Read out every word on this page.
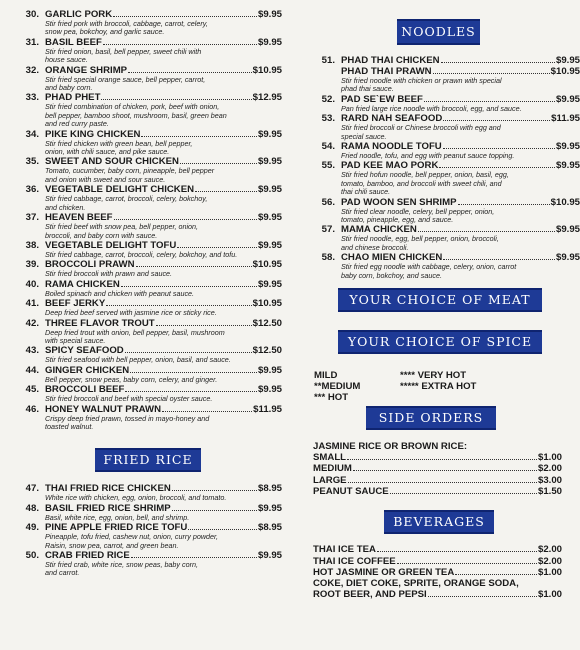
30. GARLIC PORK	$9.95
Stir fried pork with broccoli, cabbage, carrot, celery,
snow pea, bokchoy, and garlic sauce.
31. BASIL BEEF	$9.95
Stir fried onion, basil, bell pepper, sweet chili with
house sauce.
32. ORANGE SHRIMP	$10.95
Stir fried special orange sauce, bell pepper, carrot,
and baby corn.
33. PHAD PHET	$12.95
Stir fried combination of chicken, pork, beef with onion,
bell pepper, bamboo shoot, mushroom, basil, green bean
and red curry paste.
34. PIKE KING CHICKEN	$9.95
Stir fried chicken with green bean, bell pepper,
onion, with chili sauce, and pike sauce.
35. SWEET AND SOUR CHICKEN	$9.95
Tomato, cucumber, baby corn, pineapple, bell pepper
and onion with sweet and sour sauce.
36. VEGETABLE DELIGHT CHICKEN	$9.95
Stir fried cabbage, carrot, broccoli, celery, bokchoy,
and chicken.
37. HEAVEN BEEF	$9.95
Stir fried beef with snow pea, bell pepper, onion,
broccoli, and baby corn with sauce.
38. VEGETABLE DELIGHT TOFU	$9.95
Stir fried cabbage, carrot, broccoli, celery, bokchoy, and tofu.
39. BROCCOLI PRAWN	$10.95
Stir fried broccoli with prawn and sauce.
40. RAMA CHICKEN	$9.95
Boiled spinach and chicken with peanut sauce.
41. BEEF JERKY	$10.95
Deep fried beef served with jasmine rice or sticky rice.
42. THREE FLAVOR TROUT	$12.50
Deep fried trout with onion, bell pepper, basil, mushroom
with special sauce.
43. SPICY SEAFOOD	$12.50
Stir fried seafood with bell pepper, onion, basil, and sauce.
44. GINGER CHICKEN	$9.95
Bell pepper, snow peas, baby corn, celery, and ginger.
45. BROCCOLI BEEF	$9.95
Stir fried broccoli and beef with special oyster sauce.
46. HONEY WALNUT PRAWN	$11.95
Crispy deep fried prawn, tossed in mayo-honey and
toasted walnut.
FRIED RICE
47. THAI FRIED RICE CHICKEN	$8.95
White rice with chicken, egg, onion, broccoli, and tomato.
48. BASIL FRIED RICE SHRIMP	$9.95
Basil, white rice, egg, onion, bell, and shrimp.
49. PINE APPLE FRIED RICE TOFU	$8.95
Pineapple, tofu fried, cashew nut, onion, curry powder,
Raisin, snow pea, carrot, and green bean.
50. CRAB FRIED RICE	$9.95
Stir fried crab, white rice, snow peas, baby corn,
and carrot.
NOODLES
51. PHAD THAI CHICKEN	$9.95
PHAD THAI PRAWN	$10.95
Stir fried noodle with chicken or prawn with special
phad thai sauce.
52. PAD SE`EW BEEF	$9.95
Pan fried large rice noodle with broccoli, egg, and sauce.
53. RARD NAH SEAFOOD	$11.95
Stir fried broccoli or Chinese broccoli with egg and
special sauce.
54. RAMA NOODLE TOFU	$9.95
Fried noodle, tofu, and egg with peanut sauce topping.
55. PAD KEE MAO PORK	$9.95
Stir fried hofun noodle, bell pepper, onion, basil, egg,
tomato, bamboo, and broccoli with sweet chili, and
thai chili sauce.
56. PAD WOON SEN SHRIMP	$10.95
Stir fried clear noodle, celery, bell pepper, onion,
tomato, pineapple, egg, and sauce.
57. MAMA CHICKEN	$9.95
Stir fried noodle, egg, bell pepper, onion, broccoli,
and chinese broccoli.
58. CHAO MIEN CHICKEN	$9.95
Stir fried egg noodle with cabbage, celery, onion, carrot
baby corn, bokchoy, and sauce.
YOUR CHOICE OF MEAT
YOUR CHOICE OF SPICE
MILD
**MEDIUM
*** HOT
**** VERY HOT
***** EXTRA HOT
SIDE ORDERS
JASMINE RICE OR BROWN RICE:
SMALL	$1.00
MEDIUM	$2.00
LARGE	$3.00
PEANUT SAUCE	$1.50
BEVERAGES
THAI ICE TEA	$2.00
THAI ICE COFFEE	$2.00
HOT JASMINE OR GREEN TEA	$1.00
COKE, DIET COKE, SPRITE, ORANGE SODA,
ROOT BEER, AND PEPSI	$1.00
